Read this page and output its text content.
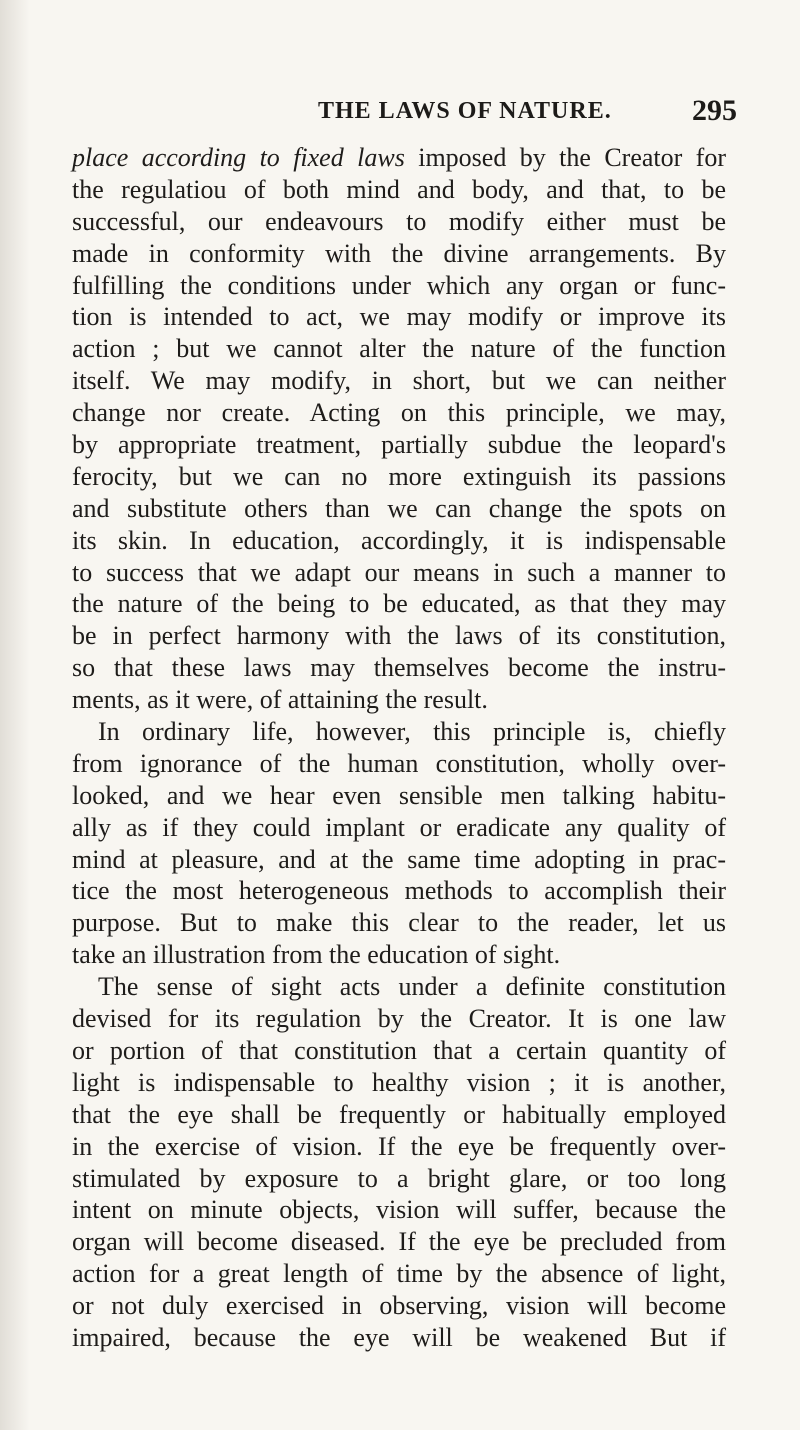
THE LAWS OF NATURE.	295
place according to fixed laws imposed by the Creator for
the regulatiou of both mind and body, and that, to be
successful, our endeavours to modify either must be
made in conformity with the divine arrangements. By
fulfilling the conditions under which any organ or func-
tion is intended to act, we may modify or improve its
action ; but we cannot alter the nature of the function
itself. We may modify, in short, but we can neither
change nor create. Acting on this principle, we may,
by appropriate treatment, partially subdue the leopard's
ferocity, but we can no more extinguish its passions
and substitute others than we can change the spots on
its skin. In education, accordingly, it is indispensable
to success that we adapt our means in such a manner to
the nature of the being to be educated, as that they may
be in perfect harmony with the laws of its constitution,
so that these laws may themselves become the instru-
ments, as it were, of attaining the result.
In ordinary life, however, this principle is, chiefly
from ignorance of the human constitution, wholly over-
looked, and we hear even sensible men talking habitu-
ally as if they could implant or eradicate any quality of
mind at pleasure, and at the same time adopting in prac-
tice the most heterogeneous methods to accomplish their
purpose. But to make this clear to the reader, let us
take an illustration from the education of sight.
The sense of sight acts under a definite constitution
devised for its regulation by the Creator. It is one law
or portion of that constitution that a certain quantity of
light is indispensable to healthy vision ; it is another,
that the eye shall be frequently or habitually employed
in the exercise of vision. If the eye be frequently over-
stimulated by exposure to a bright glare, or too long
intent on minute objects, vision will suffer, because the
organ will become diseased. If the eye be precluded from
action for a great length of time by the absence of light,
or not duly exercised in observing, vision will become
impaired, because the eye will be weakened But if
